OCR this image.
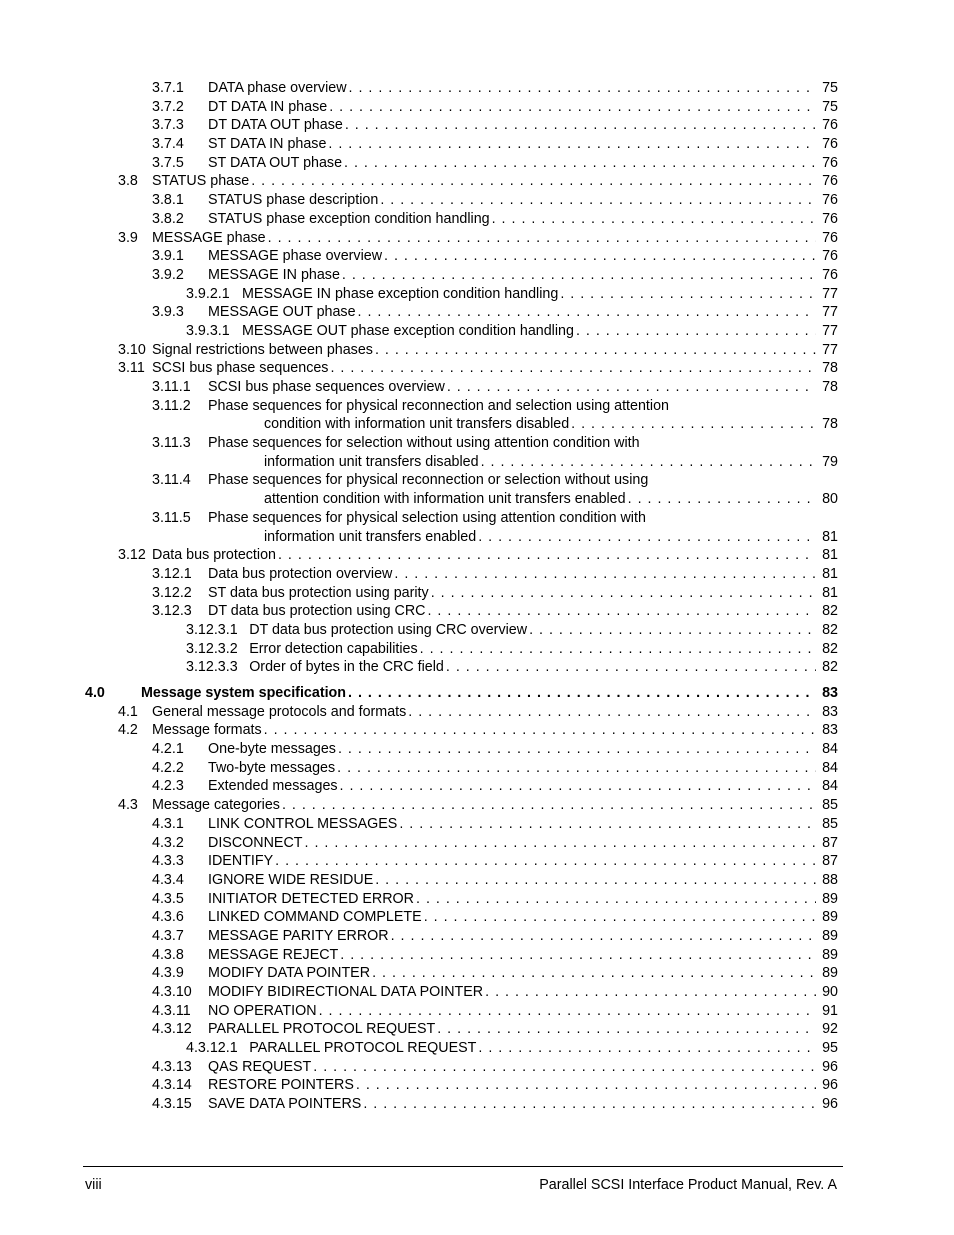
3.7.1 DATA phase overview . . .	75
3.7.2 DT DATA IN phase . . .	75
3.7.3 DT DATA OUT phase . . .	76
3.7.4 ST DATA IN phase . . .	76
3.7.5 ST DATA OUT phase . . .	76
3.8 STATUS phase . . .	76
3.8.1 STATUS phase description . . .	76
3.8.2 STATUS phase exception condition handling . . .	76
3.9 MESSAGE phase . . .	76
3.9.1 MESSAGE phase overview . . .	76
3.9.2 MESSAGE IN phase . . .	76
3.9.2.1 MESSAGE IN phase exception condition handling . . .	77
3.9.3 MESSAGE OUT phase . . .	77
3.9.3.1 MESSAGE OUT phase exception condition handling . . .	77
3.10 Signal restrictions between phases . . .	77
3.11 SCSI bus phase sequences . . .	78
3.11.1 SCSI bus phase sequences overview . . .	78
3.11.2 Phase sequences for physical reconnection and selection using attention
condition with information unit transfers disabled . . .	78
3.11.3 Phase sequences for selection without using attention condition with
information unit transfers disabled . . .	79
3.11.4 Phase sequences for physical reconnection or selection without using
attention condition with information unit transfers enabled . . .	80
3.11.5 Phase sequences for physical selection using attention condition with
information unit transfers enabled . . .	81
3.12 Data bus protection . . .	81
3.12.1 Data bus protection overview . . .	81
3.12.2 ST data bus protection using parity . . .	81
3.12.3 DT data bus protection using CRC . . .	82
3.12.3.1 DT data bus protection using CRC overview . . .	82
3.12.3.2 Error detection capabilities . . .	82
3.12.3.3 Order of bytes in the CRC field . . .	82
4.0	Message system specification . . .	83
4.1 General message protocols and formats . . .	83
4.2 Message formats . . .	83
4.2.1 One-byte messages . . .	84
4.2.2 Two-byte messages . . .	84
4.2.3 Extended messages . . .	84
4.3 Message categories . . .	85
4.3.1 LINK CONTROL MESSAGES . . .	85
4.3.2 DISCONNECT . . .	87
4.3.3 IDENTIFY . . .	87
4.3.4 IGNORE WIDE RESIDUE . . .	88
4.3.5 INITIATOR DETECTED ERROR . . .	89
4.3.6 LINKED COMMAND COMPLETE . . .	89
4.3.7 MESSAGE PARITY ERROR . . .	89
4.3.8 MESSAGE REJECT . . .	89
4.3.9 MODIFY DATA POINTER . . .	89
4.3.10 MODIFY BIDIRECTIONAL DATA POINTER . . .	90
4.3.11 NO OPERATION . . .	91
4.3.12 PARALLEL PROTOCOL REQUEST . . .	92
4.3.12.1 PARALLEL PROTOCOL REQUEST . . .	95
4.3.13 QAS REQUEST . . .	96
4.3.14 RESTORE POINTERS . . .	96
4.3.15 SAVE DATA POINTERS . . .	96
viii	Parallel SCSI Interface Product Manual, Rev. A
